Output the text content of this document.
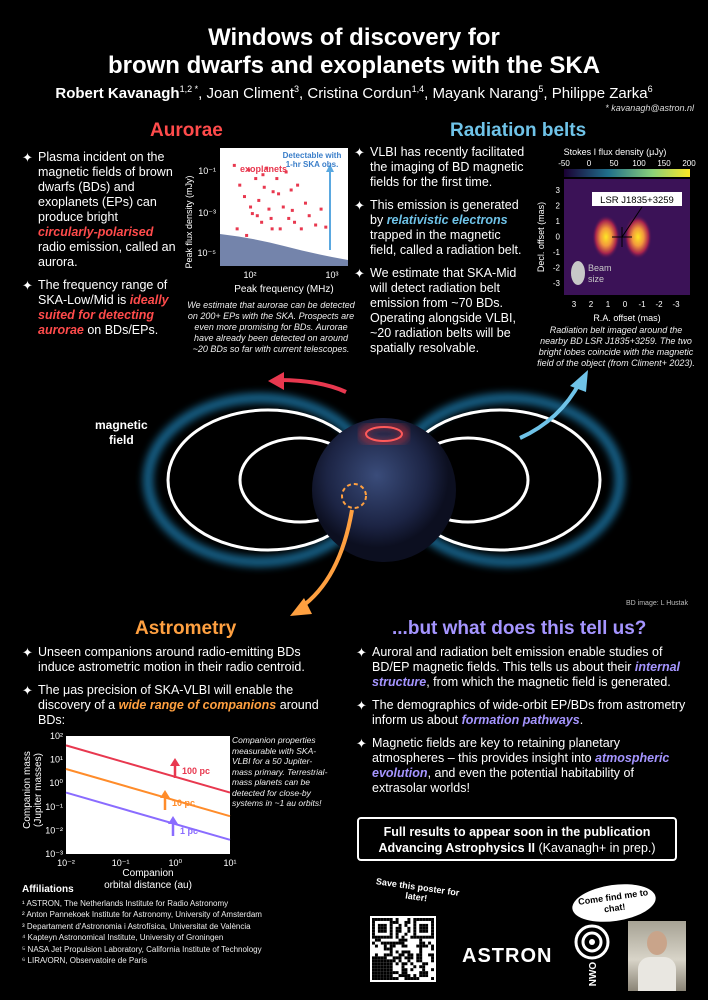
Windows of discovery for
brown dwarfs and exoplanets with the SKA
Robert Kavanagh$^{1,2 *}$, Joan Climent$^3$, Cristina Cordun$^{1,4}$, Mayank Narang$^5$, Philippe Zarka$^6$
* kavanagh@astron.nl
Aurorae
✦ Plasma incident on the magnetic fields of brown dwarfs (BDs) and exoplanets (EPs) can produce bright circularly-polarised radio emission, called an aurora.
✦ The frequency range of SKA-Low/Mid is ideally suited for detecting aurorae on BDs/EPs.
Peak flux density (mJy)
Detectable with
1-hr SKA obs.
exoplanets
10⁻¹
10⁻³
10⁻⁵
10²	10³
Peak frequency (MHz)
We estimate that aurorae can be detected on 200+ EPs with the SKA. Prospects are even more promising for BDs. Aurorae have already been detected on around ~20 BDs so far with current telescopes.
Radiation belts
✦ VLBI has recently facilitated the imaging of BD magnetic fields for the first time.
✦ This emission is generated by relativistic electrons trapped in the magnetic field, called a radiation belt.
✦ We estimate that SKA-Mid will detect radiation belt emission from ~70 BDs. Operating alongside VLBI, ~20 radiation belts will be spatially resolvable.
Stokes I flux density (μJy)
-50 0 50 100 150 200
LSR J1835+3259
Beam
size
3 2 1 0 -1 -2 -3
3
2
1
0
-1
-2
-3
Decl. offset (mas)
R.A. offset (mas)
Radiation belt imaged around the nearby BD LSR J1835+3259. The two bright lobes coincide with the magnetic field of the object (from Climent+ 2023).
magnetic
field
BD image: L Hustak
Astrometry
✦ Unseen companions around radio-emitting BDs induce astrometric motion in their radio centroid.
✦ The μas precision of SKA-VLBI will enable the discovery of a wide range of companions around BDs:
Companion mass (Jupiter masses)
10²
10¹
10⁰
10⁻¹
10⁻²
10⁻³
10⁻²	10⁻¹	10⁰	10¹
100 pc
10 pc
1 pc
Companion
orbital distance (au)
Companion properties measurable with SKA-VLBI for a 50 Jupiter-mass primary. Terrestrial-mass planets can be detected for close-by systems in ~1 au orbits!
...but what does this tell us?
✦ Auroral and radiation belt emission enable studies of BD/EP magnetic fields. This tells us about their internal structure, from which the magnetic field is generated.
✦ The demographics of wide-orbit EP/BDs from astrometry inform us about formation pathways.
✦ Magnetic fields are key to retaining planetary atmospheres – this provides insight into atmospheric evolution, and even the potential habitability of extrasolar worlds!
Full results to appear soon in the publication
Advancing Astrophysics II (Kavanagh+ in prep.)
Affiliations
¹ ASTRON, The Netherlands Institute for Radio Astronomy
² Anton Pannekoek Institute for Astronomy, University of Amsterdam
³ Departament d'Astronomia i Astrofísica, Universitat de València
⁴ Kapteyn Astronomical Institute, University of Groningen
⁵ NASA Jet Propulsion Laboratory, California Institute of Technology
⁶ LIRA/ORN, Observatoire de Paris
Save this poster for later!
ASTRON
NWO
Come find me to chat!
